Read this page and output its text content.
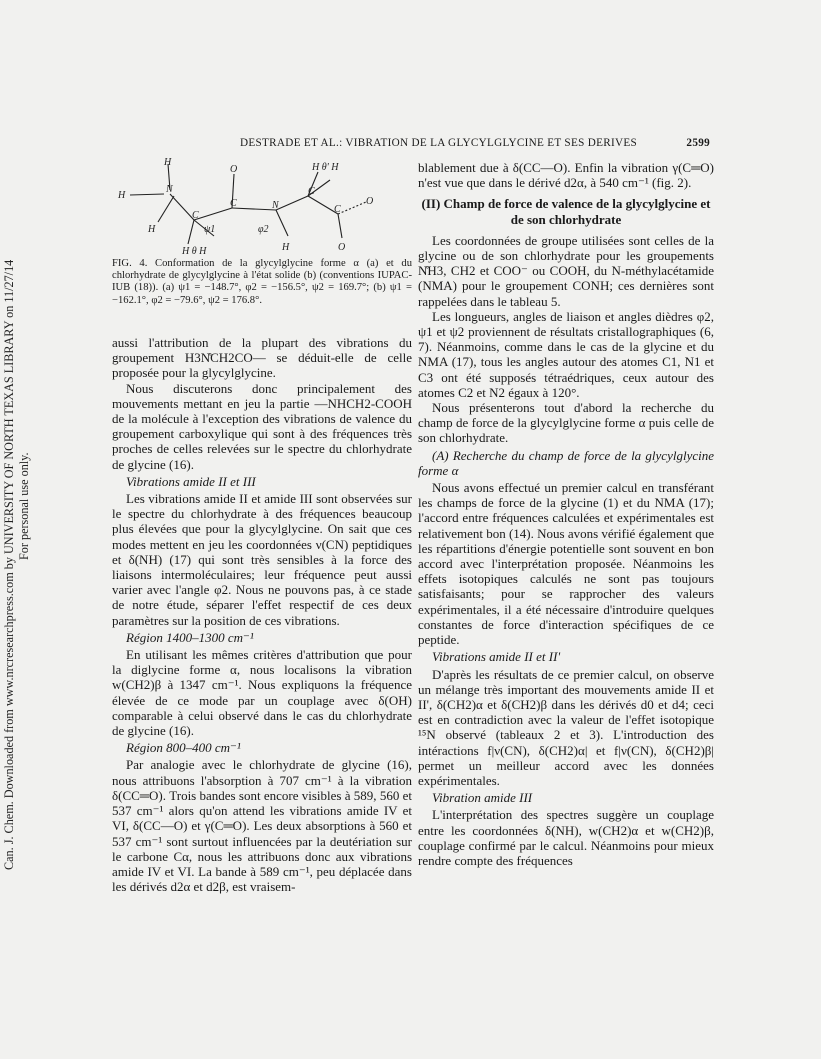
Can. J. Chem. Downloaded from www.nrcresearchpress.com by UNIVERSITY OF NORTH TEXAS LIBRARY on 11/27/14 For personal use only.
DESTRADE ET AL.: VIBRATION DE LA GLYCYLGLYCINE ET SES DERIVES	2599
H
H
N
O	H θ' H
C
C
N
C
C
O
O
H
H θ H	H
ψ1	φ2
FIG. 4. Conformation de la glycylglycine forme α (a) et du chlorhydrate de glycylglycine à l'état solide (b) (conventions IUPAC-IUB (18)). (a) ψ1 = −148.7°, φ2 = −156.5°, ψ2 = 169.7°; (b) ψ1 = −162.1°, φ2 = −79.6°, ψ2 = 176.8°.

aussi l'attribution de la plupart des vibrations du groupement H3N̊CH2CO— se déduit-elle de celle proposée pour la glycylglycine.

Nous discuterons donc principalement des mouvements mettant en jeu la partie —NHCH2-COOH de la molécule à l'exception des vibrations de valence du groupement carboxylique qui sont à des fréquences très proches de celles relevées sur le spectre du chlorhydrate de glycine (16).

Vibrations amide II et III

Les vibrations amide II et amide III sont observées sur le spectre du chlorhydrate à des fréquences beaucoup plus élevées que pour la glycylglycine. On sait que ces modes mettent en jeu les coordonnées ν(CN) peptidiques et δ(NH) (17) qui sont très sensibles à la force des liaisons intermoléculaires; leur fréquence peut aussi varier avec l'angle φ2. Nous ne pouvons pas, à ce stade de notre étude, séparer l'effet respectif de ces deux paramètres sur la position de ces vibrations.

Région 1400–1300 cm⁻¹

En utilisant les mêmes critères d'attribution que pour la diglycine forme α, nous localisons la vibration w(CH2)β à 1347 cm⁻¹. Nous expliquons la fréquence élevée de ce mode par un couplage avec δ(OH) comparable à celui observé dans le cas du chlorhydrate de glycine (16).

Région 800–400 cm⁻¹

Par analogie avec le chlorhydrate de glycine (16), nous attribuons l'absorption à 707 cm⁻¹ à la vibration δ(CC═O). Trois bandes sont encore visibles à 589, 560 et 537 cm⁻¹ alors qu'on attend les vibrations amide IV et VI, δ(CC—O) et γ(C═O). Les deux absorptions à 560 et 537 cm⁻¹ sont surtout influencées par la deutériation sur le carbone Cα, nous les attribuons donc aux vibrations amide IV et VI. La bande à 589 cm⁻¹, peu déplacée dans les dérivés d2α et d2β, est vraisem-

blablement due à δ(CC—O). Enfin la vibration γ(C═O) n'est vue que dans le dérivé d2α, à 540 cm⁻¹ (fig. 2).

(II) Champ de force de valence de la glycylglycine et de son chlorhydrate

Les coordonnées de groupe utilisées sont celles de la glycine ou de son chlorhydrate pour les groupements N̊H3, CH2 et COO⁻ ou COOH, du N-méthylacétamide (NMA) pour le groupement CONH; ces dernières sont rappelées dans le tableau 5.

Les longueurs, angles de liaison et angles dièdres φ2, ψ1 et ψ2 proviennent de résultats cristallographiques (6, 7). Néanmoins, comme dans le cas de la glycine et du NMA (17), tous les angles autour des atomes C1, N1 et C3 ont été supposés tétraédriques, ceux autour des atomes C2 et N2 égaux à 120°.

Nous présenterons tout d'abord la recherche du champ de force de la glycylglycine forme α puis celle de son chlorhydrate.

(A) Recherche du champ de force de la glycylglycine forme α

Nous avons effectué un premier calcul en transférant les champs de force de la glycine (1) et du NMA (17); l'accord entre fréquences calculées et expérimentales est relativement bon (14). Nous avons vérifié également que les répartitions d'énergie potentielle sont souvent en bon accord avec l'interprétation proposée. Néanmoins les effets isotopiques calculés ne sont pas toujours satisfaisants; pour se rapprocher des valeurs expérimentales, il a été nécessaire d'introduire quelques constantes de force d'interaction spécifiques de ce peptide.

Vibrations amide II et II'

D'après les résultats de ce premier calcul, on observe un mélange très important des mouvements amide II et II', δ(CH2)α et δ(CH2)β dans les dérivés d0 et d4; ceci est en contradiction avec la valeur de l'effet isotopique ¹⁵N observé (tableaux 2 et 3). L'introduction des intéractions f|ν(CN), δ(CH2)α| et f|ν(CN), δ(CH2)β| permet un meilleur accord avec les données expérimentales.

Vibration amide III

L'interprétation des spectres suggère un couplage entre les coordonnées δ(NH), w(CH2)α et w(CH2)β, couplage confirmé par le calcul. Néanmoins pour mieux rendre compte des fréquences
